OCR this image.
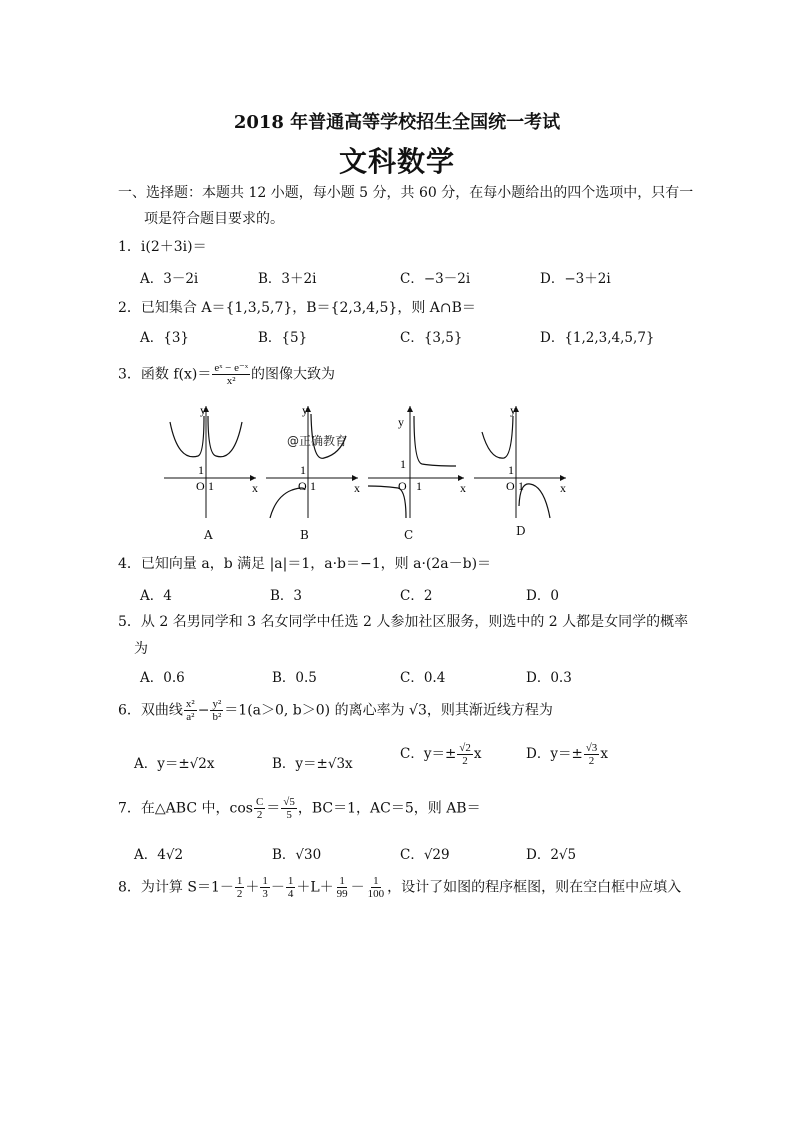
2018 年普通高等学校招生全国统一考试
文科数学
一、选择题：本题共 12 小题，每小题 5 分，共 60 分，在每小题给出的四个选项中，只有一
项是符合题目要求的。
1．i(2＋3i)＝
A．3－2i	B．3＋2i	C．−3－2i	D．−3＋2i
2．已知集合 A＝{1,3,5,7}，B＝{2,3,4,5}，则 A∩B＝
A．{3}	B．{5}	C．{3,5}	D．{1,2,3,4,5,7}
3．函数 $f(x)= \frac{\text{eˣ − e⁻ˣ}}{\text{x²}}$ 的图像大致为
y
x
O 1
1
A
y
x
O 1
1
@正确教育
B
y
x
O 1
1
C
y
x
O 1
1
D
4．已知向量 a，b 满足 |a|＝1，a·b＝−1，则 a·(2a－b)＝
A．4	B．3	C．2	D．0
5．从 2 名男同学和 3 名女同学中任选 2 人参加社区服务，则选中的 2 人都是女同学的概率
为
A．0.6	B．0.5	C．0.4	D．0.3
6．双曲线 $\frac{\text{x²}}{\text{a²}} - \frac{\text{y²}}{\text{b²}} =1(a>0$, b＞0) 的离心率为 √3，则其渐近线方程为
A．y＝±√2x	B．y＝±√3x
C．$y=\pm \frac{√2}{2}$ x	D．$y=\pm \frac{√3}{2}$ x
7．在△ABC 中，$\cos \frac{C}{2} = \frac{√5}{5}$ ，BC＝1，AC＝5，则 AB＝
A．4√2	B．√30	C．√29	D．2√5
8．为计算 $S=1- \frac{1}{2} + \frac{1}{3} - \frac{1}{4} +L+ \frac{1}{99} - \frac{1}{100}$ ，设计了如图的程序框图，则在空白框中应填入
